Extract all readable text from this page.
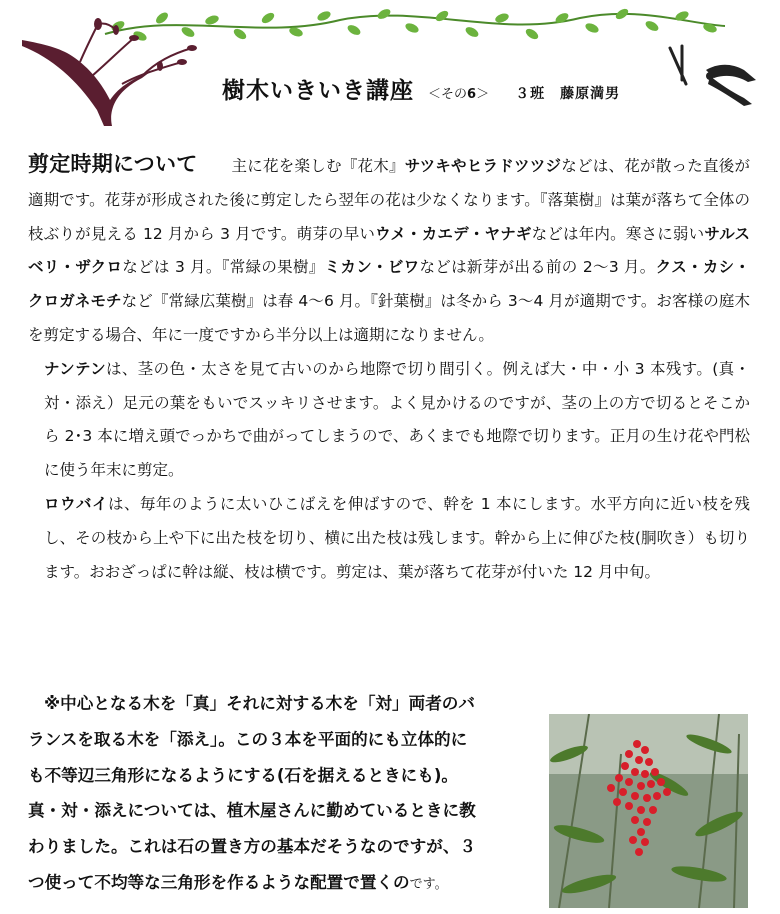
樹木いきいき講座 ＜その6＞ ３班　藤原満男

剪定時期について 主に花を楽しむ『花木』サツキやヒラドツツジなどは、花が散った直後が適期です。花芽が形成された後に剪定したら翌年の花は少なくなります。『落葉樹』は葉が落ちて全体の枝ぶりが見える 12 月から 3 月です。萌芽の早いウメ・カエデ・ヤナギなどは年内。寒さに弱いサルスベリ・ザクロなどは 3 月。『常緑の果樹』ミカン・ビワなどは新芽が出る前の 2～3 月。クス・カシ・クロガネモチなど『常緑広葉樹』は春 4～6 月。『針葉樹』は冬から 3～4 月が適期です。お客様の庭木を剪定する場合、年に一度ですから半分以上は適期になりません。

ナンテンは、茎の色・太さを見て古いのから地際で切り間引く。例えば大・中・小 3 本残す。(真・対・添え）足元の葉をもいでスッキリさせます。よく見かけるのですが、茎の上の方で切るとそこから 2･3 本に増え頭でっかちで曲がってしまうので、あくまでも地際で切ります。正月の生け花や門松に使う年末に剪定。

ロウバイは、毎年のように太いひこばえを伸ばすので、幹を 1 本にします。水平方向に近い枝を残し、その枝から上や下に出た枝を切り、横に出た枝は残します。幹から上に伸びた枝(胴吹き）も切ります。おおざっぱに幹は縦、枝は横です。剪定は、葉が落ちて花芽が付いた 12 月中旬。

※中心となる木を「真」それに対する木を「対」両者のバ
ランスを取る木を「添え」。この３本を平面的にも立体的に
も不等辺三角形になるようにする(石を据えるときにも)。
真・対・添えについては、植木屋さんに勤めているときに教
わりました。これは石の置き方の基本だそうなのですが、３
つ使って不均等な三角形を作るような配置で置くのです。
